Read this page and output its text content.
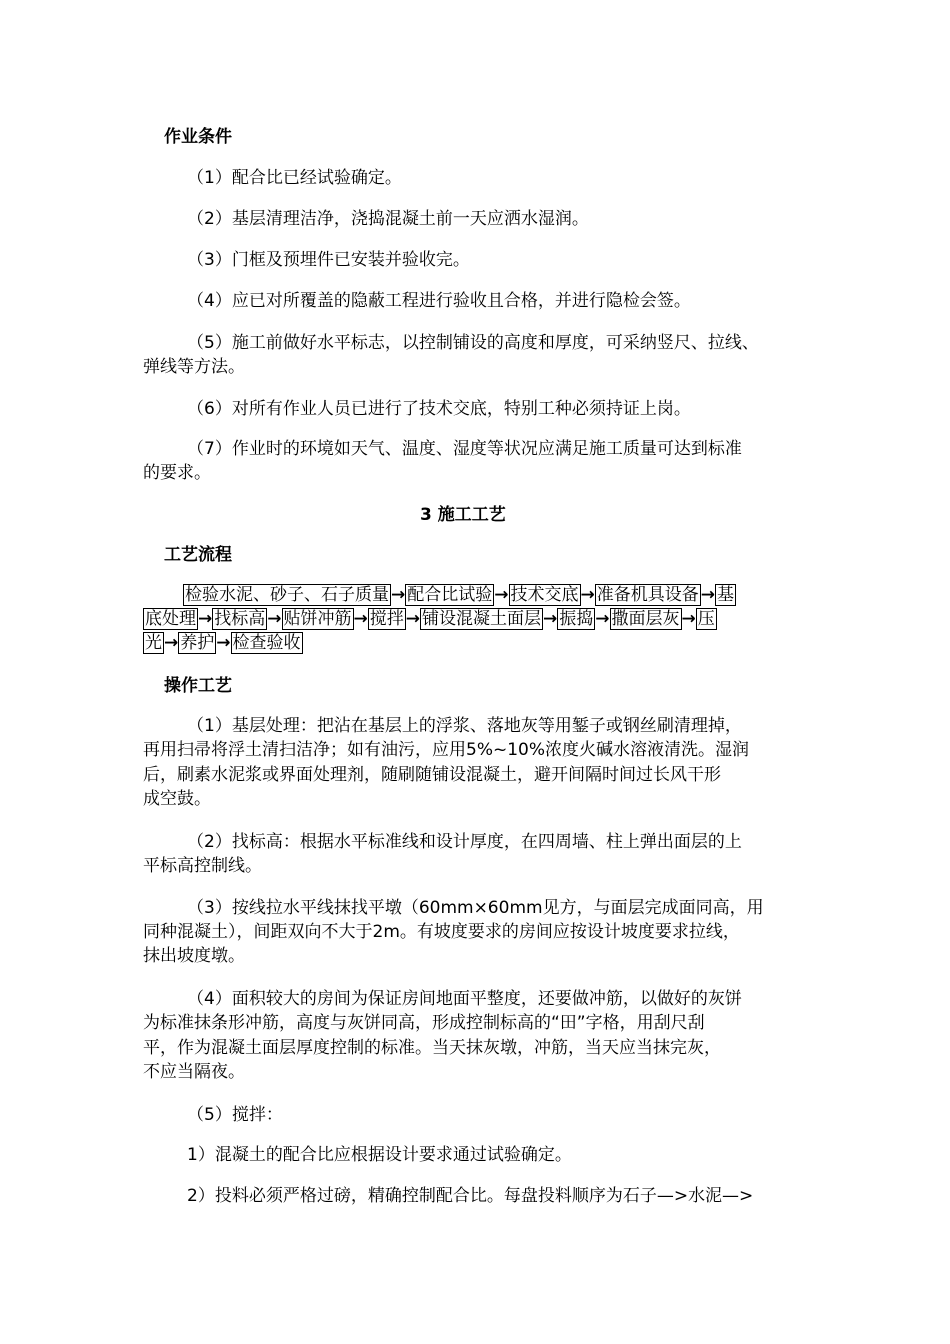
作业条件
（1）配合比已经试验确定。
（2）基层清理洁净，浇捣混凝土前一天应洒水湿润。
（3）门框及预埋件已安装并验收完。
（4）应已对所覆盖的隐蔽工程进行验收且合格，并进行隐检会签。
（5）施工前做好水平标志，以控制铺设的高度和厚度，可采纳竖尺、拉线、
弹线等方法。
（6）对所有作业人员已进行了技术交底，特别工种必须持证上岗。
（7）作业时的环境如天气、温度、湿度等状况应满足施工质量可达到标准
的要求。
3 施工工艺
工艺流程
检验水泥、砂子、石子质量 → 配合比试验 → 技术交底 → 准备机具设备 → 基
底处理 → 找标高 → 贴饼冲筋 → 搅拌 → 铺设混凝土面层 → 振捣 → 撒面层灰 → 压
光 → 养护 → 检查验收
操作工艺
（1）基层处理：把沾在基层上的浮浆、落地灰等用錾子或钢丝刷清理掉，
再用扫帚将浮土清扫洁净；如有油污，应用5%~10%浓度火碱水溶液清洗。湿润
后，刷素水泥浆或界面处理剂，随刷随铺设混凝土，避开间隔时间过长风干形
成空鼓。
（2）找标高：根据水平标准线和设计厚度，在四周墙、柱上弹出面层的上
平标高控制线。
（3）按线拉水平线抹找平墩（60mm×60mm见方，与面层完成面同高，用
同种混凝土），间距双向不大于2m。有坡度要求的房间应按设计坡度要求拉线，
抹出坡度墩。
（4）面积较大的房间为保证房间地面平整度，还要做冲筋，以做好的灰饼
为标准抹条形冲筋，高度与灰饼同高，形成控制标高的“田”字格，用刮尺刮
平，作为混凝土面层厚度控制的标准。当天抹灰墩，冲筋，当天应当抹完灰，
不应当隔夜。
（5）搅拌：
1）混凝土的配合比应根据设计要求通过试验确定。
2）投料必须严格过磅，精确控制配合比。每盘投料顺序为石子—>水泥—>
